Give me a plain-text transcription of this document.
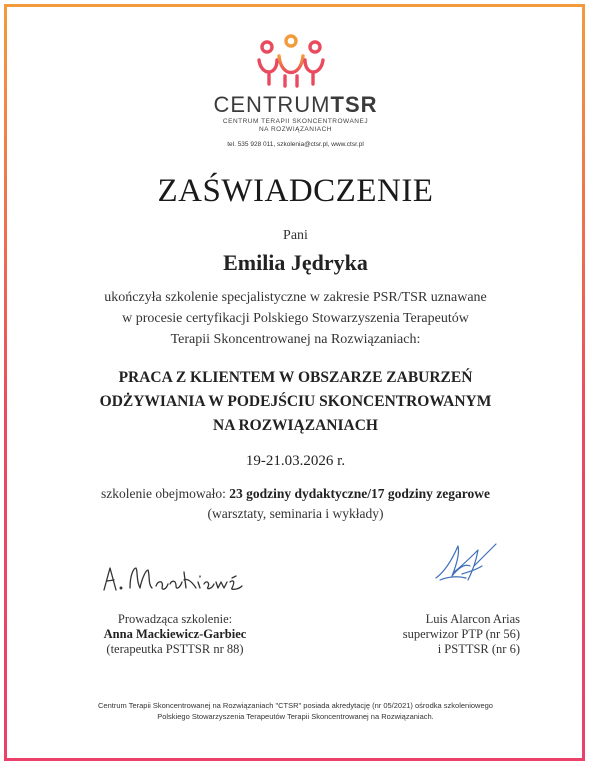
CENTRUMTSR
CENTRUM TERAPII SKONCENTROWANEJ
NA ROZWIĄZANIACH
tel. 535 928 011, szkolenia@ctsr.pl, www.ctsr.pl
ZAŚWIADCZENIE
Pani
Emilia Jędryka
ukończyła szkolenie specjalistyczne w zakresie PSR/TSR uznawane
w procesie certyfikacji Polskiego Stowarzyszenia Terapeutów
Terapii Skoncentrowanej na Rozwiązaniach:
PRACA Z KLIENTEM W OBSZARZE ZABURZEŃ
ODŻYWIANIA W PODEJŚCIU SKONCENTROWANYM
NA ROZWIĄZANIACH
19-21.03.2026 r.
szkolenie obejmowało: 23 godziny dydaktyczne/17 godziny zegarowe
(warsztaty, seminaria i wykłady)
Prowadząca szkolenie:
Anna Mackiewicz-Garbiec
(terapeutka PSTTSR nr 88)
Luis Alarcon Arias
superwizor PTP (nr 56)
i PSTTSR (nr 6)
Centrum Terapii Skoncentrowanej na Rozwiązaniach "CTSR" posiada akredytację (nr 05/2021) ośrodka szkoleniowego
Polskiego Stowarzyszenia Terapeutów Terapii Skoncentrowanej na Rozwiązaniach.
